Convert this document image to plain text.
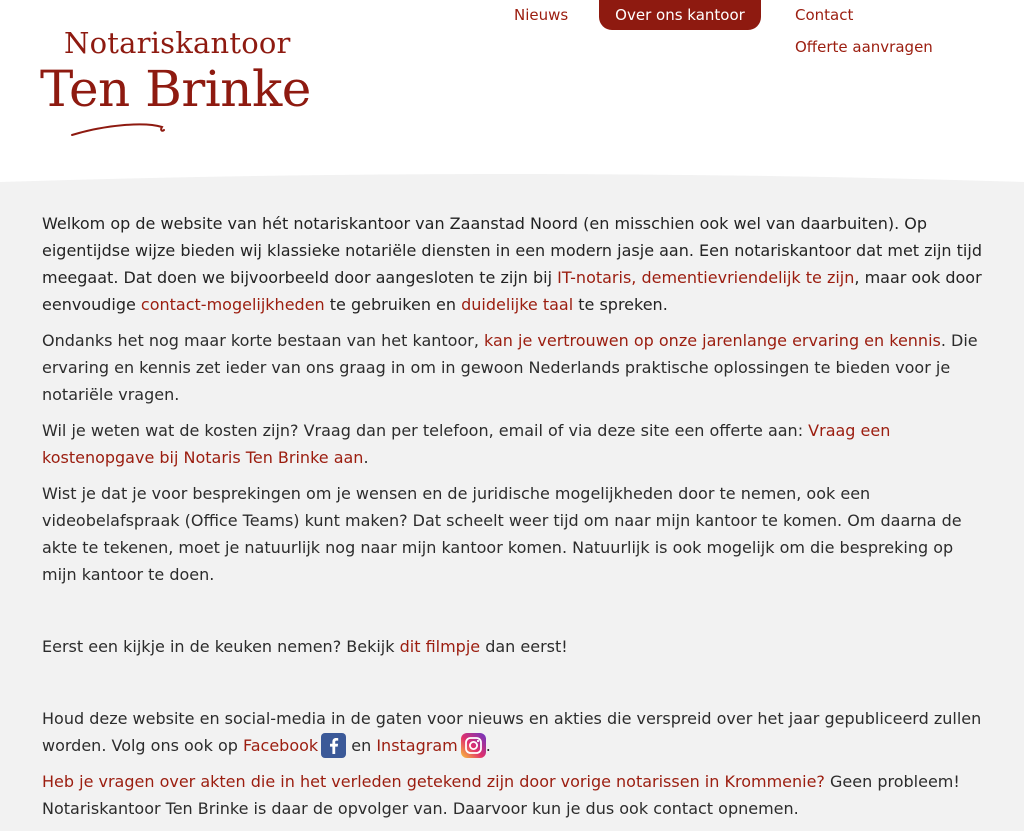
Notariskantoor
Ten Brinke
Nieuws	Over ons kantoor	Contact
Offerte aanvragen

Welkom op de website van hét notariskantoor van Zaanstad Noord (en misschien ook wel van daarbuiten). Op eigentijdse wijze bieden wij klassieke notariële diensten in een modern jasje aan. Een notariskantoor dat met zijn tijd meegaat. Dat doen we bijvoorbeeld door aangesloten te zijn bij IT-notaris, dementievriendelijk te zijn, maar ook door eenvoudige contact-mogelijkheden te gebruiken en duidelijke taal te spreken.

Ondanks het nog maar korte bestaan van het kantoor, kan je vertrouwen op onze jarenlange ervaring en kennis. Die ervaring en kennis zet ieder van ons graag in om in gewoon Nederlands praktische oplossingen te bieden voor je notariële vragen.

Wil je weten wat de kosten zijn? Vraag dan per telefoon, email of via deze site een offerte aan: Vraag een kostenopgave bij Notaris Ten Brinke aan.

Wist je dat je voor besprekingen om je wensen en de juridische mogelijkheden door te nemen, ook een videobelafspraak (Office Teams) kunt maken? Dat scheelt weer tijd om naar mijn kantoor te komen. Om daarna de akte te tekenen, moet je natuurlijk nog naar mijn kantoor komen. Natuurlijk is ook mogelijk om die bespreking op mijn kantoor te doen.

Eerst een kijkje in de keuken nemen? Bekijk dit filmpje dan eerst!

Houd deze website en social-media in de gaten voor nieuws en akties die verspreid over het jaar gepubliceerd zullen worden. Volg ons ook op Facebook en Instagram .

Heb je vragen over akten die in het verleden getekend zijn door vorige notarissen in Krommenie? Geen probleem! Notariskantoor Ten Brinke is daar de opvolger van. Daarvoor kun je dus ook contact opnemen.
